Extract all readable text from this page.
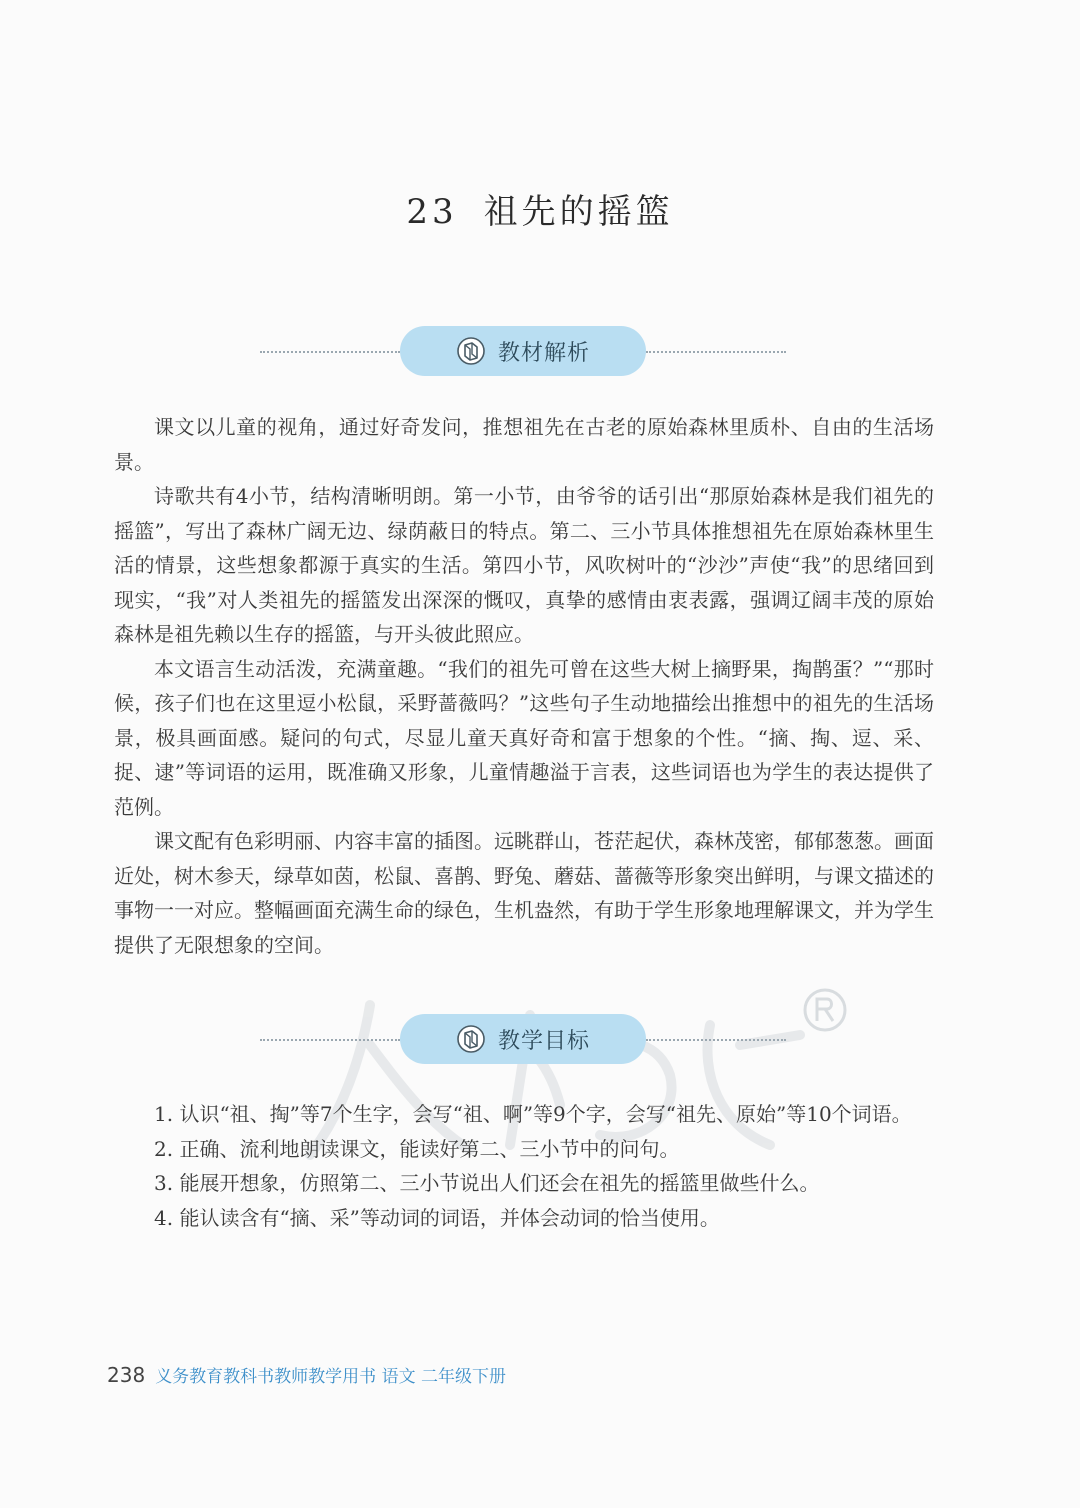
23 祖先的摇篮
教材解析

课文以儿童的视角，通过好奇发问，推想祖先在古老的原始森林里质朴、自由的生活场景。

诗歌共有4小节，结构清晰明朗。第一小节，由爷爷的话引出“那原始森林是我们祖先的摇篮”，写出了森林广阔无边、绿荫蔽日的特点。第二、三小节具体推想祖先在原始森林里生活的情景，这些想象都源于真实的生活。第四小节，风吹树叶的“沙沙”声使“我”的思绪回到现实，“我”对人类祖先的摇篮发出深深的慨叹，真挚的感情由衷表露，强调辽阔丰茂的原始森林是祖先赖以生存的摇篮，与开头彼此照应。

本文语言生动活泼，充满童趣。“我们的祖先可曾在这些大树上摘野果，掏鹊蛋？”“那时候，孩子们也在这里逗小松鼠，采野蔷薇吗？”这些句子生动地描绘出推想中的祖先的生活场景，极具画面感。疑问的句式，尽显儿童天真好奇和富于想象的个性。“摘、掏、逗、采、捉、逮”等词语的运用，既准确又形象，儿童情趣溢于言表，这些词语也为学生的表达提供了范例。

课文配有色彩明丽、内容丰富的插图。远眺群山，苍茫起伏，森林茂密，郁郁葱葱。画面近处，树木参天，绿草如茵，松鼠、喜鹊、野兔、蘑菇、蔷薇等形象突出鲜明，与课文描述的事物一一对应。整幅画面充满生命的绿色，生机盎然，有助于学生形象地理解课文，并为学生提供了无限想象的空间。

教学目标

1. 认识“祖、掏”等7个生字，会写“祖、啊”等9个字，会写“祖先、原始”等10个词语。

2. 正确、流利地朗读课文，能读好第二、三小节中的问句。

3. 能展开想象，仿照第二、三小节说出人们还会在祖先的摇篮里做些什么。

4. 能认读含有“摘、采”等动词的词语，并体会动词的恰当使用。

238 义务教育教科书教师教学用书 语文 二年级下册
